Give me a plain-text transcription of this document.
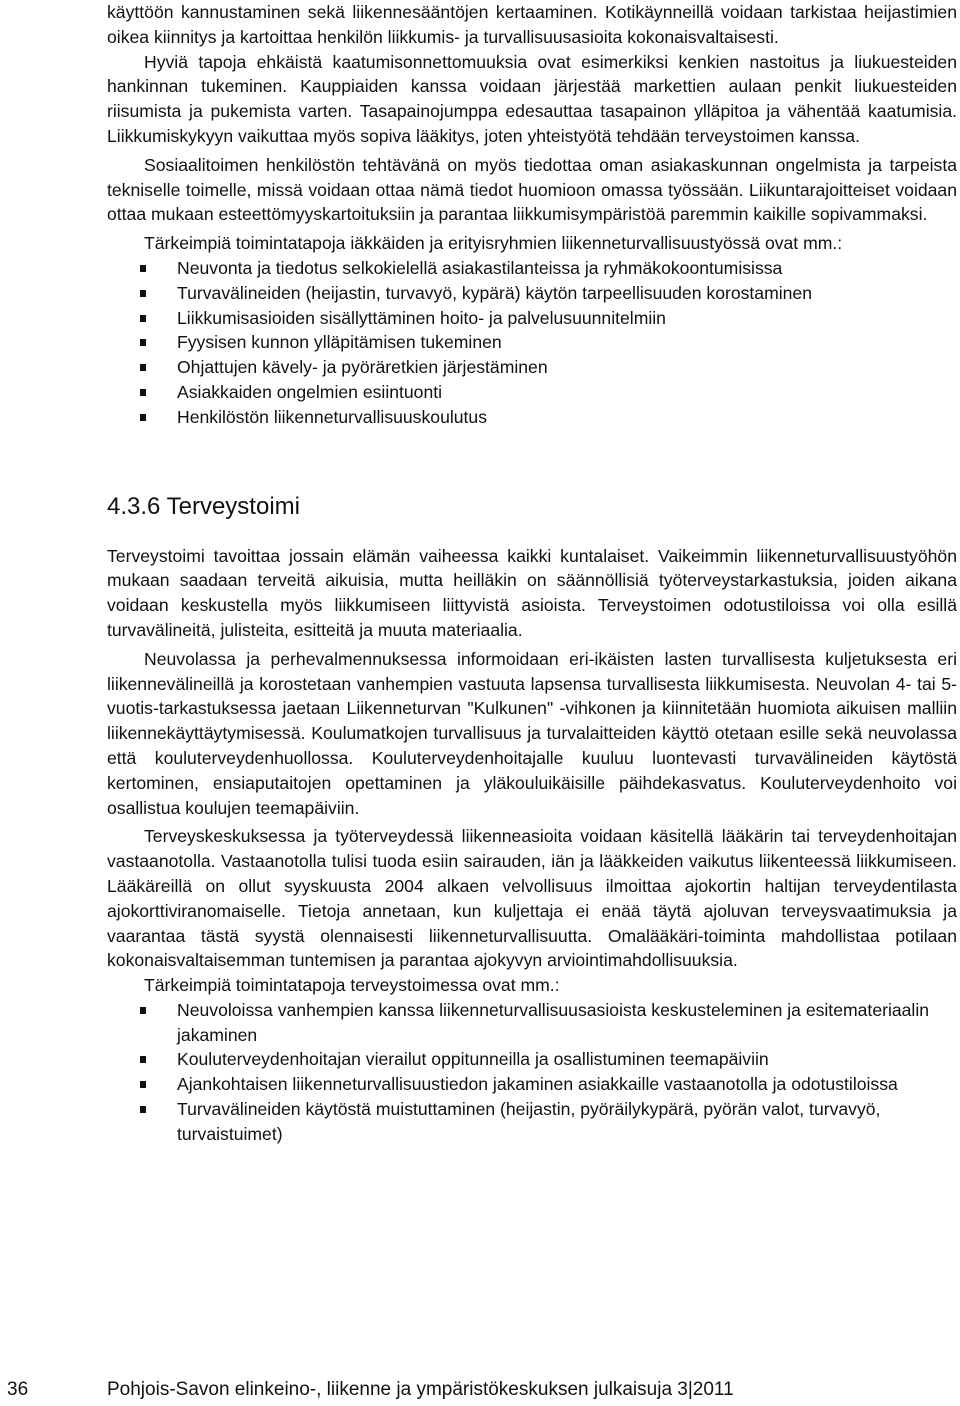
käyttöön kannustaminen sekä liikennesääntöjen kertaaminen. Kotikäynneillä voidaan tarkistaa heijastimien oikea kiinnitys ja kartoittaa henkilön liikkumis- ja turvallisuusasioita kokonaisvaltaisesti.

Hyviä tapoja ehkäistä kaatumisonnettomuuksia ovat esimerkiksi kenkien nastoitus ja liukuesteiden hankinnan tukeminen. Kauppiaiden kanssa voidaan järjestää markettien aulaan penkit liukuesteiden riisumista ja pukemista varten. Tasapainojumppa edesauttaa tasapainon ylläpitoa ja vähentää kaatumisia. Liikkumiskykyyn vaikuttaa myös sopiva lääkitys, joten yhteistyötä tehdään terveystoimen kanssa.

Sosiaalitoimen henkilöstön tehtävänä on myös tiedottaa oman asiakaskunnan ongelmista ja tarpeista tekniselle toimelle, missä voidaan ottaa nämä tiedot huomioon omassa työssään. Liikuntarajoitteiset voidaan ottaa mukaan esteettömyyskartoituksiin ja parantaa liikkumisympäristöä paremmin kaikille sopivammaksi.

Tärkeimpiä toimintatapoja iäkkäiden ja erityisryhmien liikenneturvallisuustyössä ovat mm.:

Neuvonta ja tiedotus selkokielellä asiakastilanteissa ja ryhmäkokoontumisissa
Turvavälineiden (heijastin, turvavyö, kypärä) käytön tarpeellisuuden korostaminen
Liikkumisasioiden sisällyttäminen hoito- ja palvelusuunnitelmiin
Fyysisen kunnon ylläpitämisen tukeminen
Ohjattujen kävely- ja pyöräretkien järjestäminen
Asiakkaiden ongelmien esiintuonti
Henkilöstön liikenneturvallisuuskoulutus
4.3.6 Terveystoimi

Terveystoimi tavoittaa jossain elämän vaiheessa kaikki kuntalaiset. Vaikeimmin liikenneturvallisuustyöhön mukaan saadaan terveitä aikuisia, mutta heilläkin on säännöllisiä työterveystarkastuksia, joiden aikana voidaan keskustella myös liikkumiseen liittyvistä asioista. Terveystoimen odotustiloissa voi olla esillä turvavälineitä, julisteita, esitteitä ja muuta materiaalia.

Neuvolassa ja perhevalmennuksessa informoidaan eri-ikäisten lasten turvallisesta kuljetuksesta eri liikennevälineillä ja korostetaan vanhempien vastuuta lapsensa turvallisesta liikkumisesta. Neuvolan 4- tai 5-vuotis-tarkastuksessa jaetaan Liikenneturvan "Kulkunen" -vihkonen ja kiinnitetään huomiota aikuisen malliin liikennekäyttäytymisessä. Koulumatkojen turvallisuus ja turvalaitteiden käyttö otetaan esille sekä neuvolassa että kouluterveydenhuollossa. Kouluterveydenhoitajalle kuuluu luontevasti turvavälineiden käytöstä kertominen, ensiaputaitojen opettaminen ja yläkouluikäisille päihdekasvatus. Kouluterveydenhoito voi osallistua koulujen teemapäiviin.

Terveyskeskuksessa ja työterveydessä liikenneasioita voidaan käsitellä lääkärin tai terveydenhoitajan vastaanotolla. Vastaanotolla tulisi tuoda esiin sairauden, iän ja lääkkeiden vaikutus liikenteessä liikkumiseen. Lääkäreillä on ollut syyskuusta 2004 alkaen velvollisuus ilmoittaa ajokortin haltijan terveydentilasta ajokorttiviranomaiselle. Tietoja annetaan, kun kuljettaja ei enää täytä ajoluvan terveysvaatimuksia ja vaarantaa tästä syystä olennaisesti liikenneturvallisuutta. Omalääkäri-toiminta mahdollistaa potilaan kokonaisvaltaisemman tuntemisen ja parantaa ajokyvyn arviointimahdollisuuksia.

Tärkeimpiä toimintatapoja terveystoimessa ovat mm.:

Neuvoloissa vanhempien kanssa liikenneturvallisuusasioista keskusteleminen ja esitemateriaalin jakaminen
Kouluterveydenhoitajan vierailut oppitunneilla ja osallistuminen teemapäiviin
Ajankohtaisen liikenneturvallisuustiedon jakaminen asiakkaille vastaanotolla ja odotustiloissa
Turvavälineiden käytöstä muistuttaminen (heijastin, pyöräilykypärä, pyörän valot, turvavyö, turvaistuimet)
36	Pohjois-Savon elinkeino-, liikenne ja ympäristökeskuksen julkaisuja 3|2011
